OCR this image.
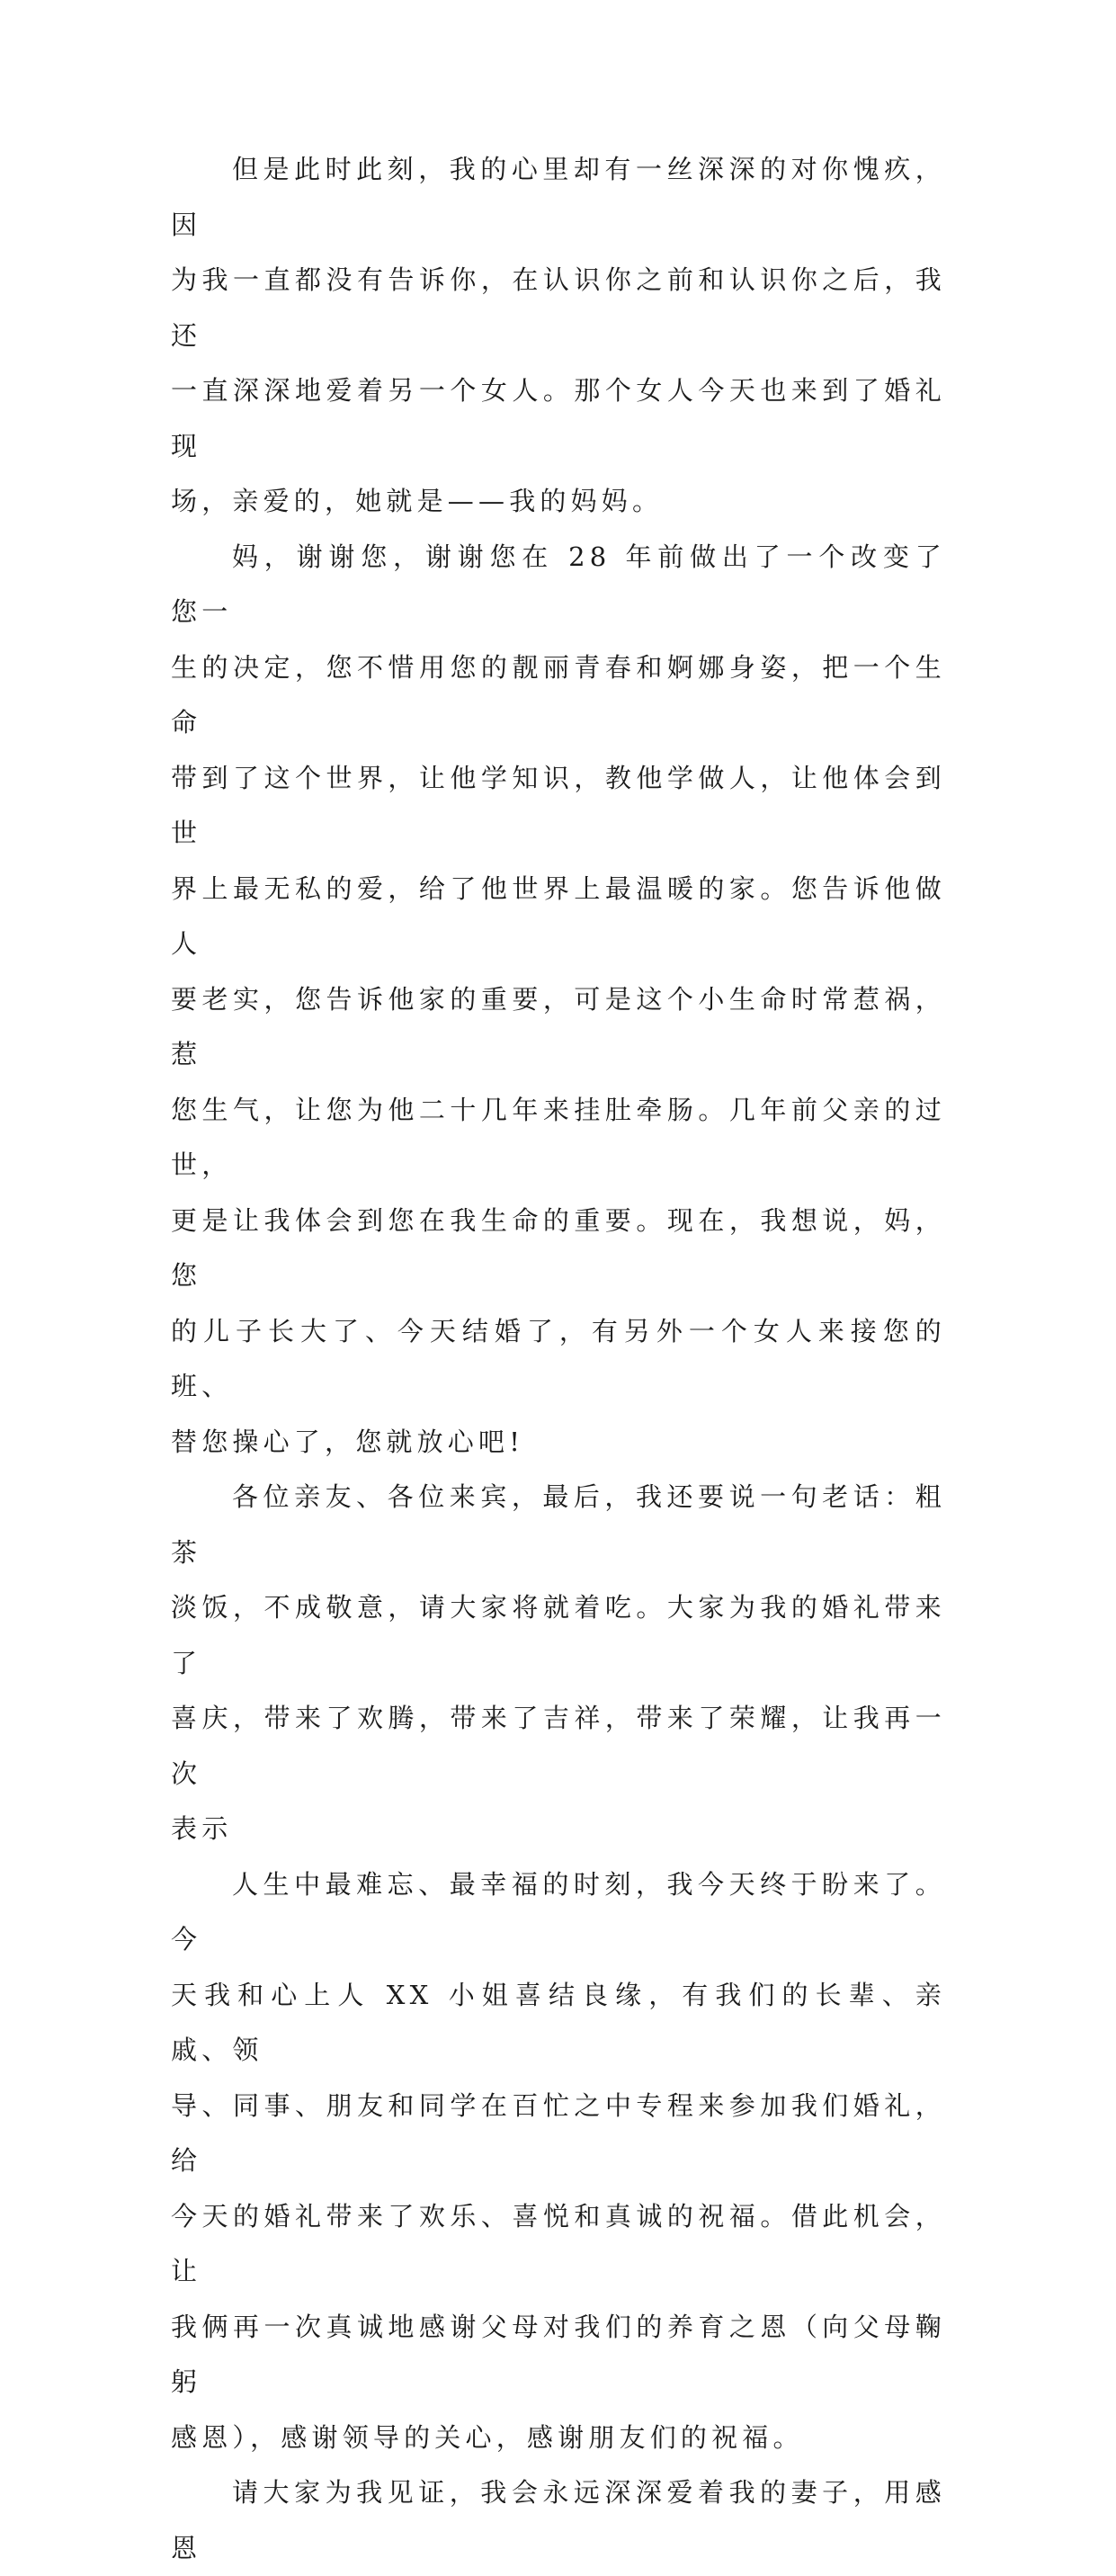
但是此时此刻，我的心里却有一丝深深的对你愧疚，因
为我一直都没有告诉你，在认识你之前和认识你之后，我还
一直深深地爱着另一个女人。那个女人今天也来到了婚礼现
场，亲爱的，她就是——我的妈妈。

妈，谢谢您，谢谢您在 28 年前做出了一个改变了您一
生的决定，您不惜用您的靓丽青春和婀娜身姿，把一个生命
带到了这个世界，让他学知识，教他学做人，让他体会到世
界上最无私的爱，给了他世界上最温暖的家。您告诉他做人
要老实，您告诉他家的重要，可是这个小生命时常惹祸，惹
您生气，让您为他二十几年来挂肚牵肠。几年前父亲的过世，
更是让我体会到您在我生命的重要。现在，我想说，妈，您
的儿子长大了、今天结婚了，有另外一个女人来接您的班、
替您操心了，您就放心吧!

各位亲友、各位来宾，最后，我还要说一句老话：粗茶
淡饭，不成敬意，请大家将就着吃。大家为我的婚礼带来了
喜庆，带来了欢腾，带来了吉祥，带来了荣耀，让我再一次
表示

人生中最难忘、最幸福的时刻，我今天终于盼来了。今
天我和心上人 XX 小姐喜结良缘，有我们的长辈、亲戚、领
导、同事、朋友和同学在百忙之中专程来参加我们婚礼，给
今天的婚礼带来了欢乐、喜悦和真诚的祝福。借此机会，让
我俩再一次真诚地感谢父母对我们的养育之恩（向父母鞠躬
感恩），感谢领导的关心，感谢朋友们的祝福。

请大家为我见证，我会永远深深爱着我的妻子，用感恩
